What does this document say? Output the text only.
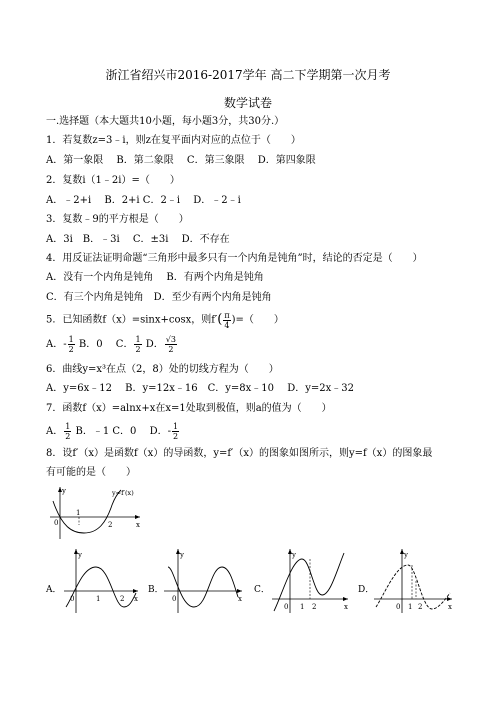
浙江省绍兴市2016-2017学年 高二下学期第一次月考
数学试卷
一.选择题（本大题共10小题，每小题3分，共30分.）
1．若复数z=3﹣i，则z在复平面内对应的点位于（　　）
A．第一象限　 B．第二象限　 C．第三象限　 D．第四象限
2．复数i（1﹣2i）=（　　）
A．﹣2+i　 B．2+i C．2﹣i　 D．﹣2﹣i
3．复数﹣9的平方根是（　　）
A．3i　B．﹣3i　 C．±3i　 D．不存在
4．用反证法证明命题“三角形中最多只有一个内角是钝角”时，结论的否定是（　　）
A．没有一个内角是钝角　 B．有两个内角是钝角
C．有三个内角是钝角　D．至少有两个内角是钝角
5．已知函数f（x）=sinx+cosx，则$f'( \frac{\pi}{4}$ )=（　　）
A．- $\frac{1}{2}$ B．0　 C． $\frac{1}{2}$ D． $\frac{√3}{2}$
6．曲线y=x³在点（2，8）处的切线方程为（　　）
A．y=6x﹣12　 B．y=12x﹣16　C．y=8x﹣10　 D．y=2x﹣32
7．函数f（x）=alnx+x在x=1处取到极值，则a的值为（　　）
A． $\frac{1}{2}$ B．﹣1 C．0　 D．- $\frac{1}{2}$
8．设f′（x）是函数f（x）的导函数，y=f′（x）的图象如图所示，则y=f（x）的图象最
有可能的是（　　）
y
x
0
1
2
y=f′(x)
A．
y
x
0	1	2
B．
y
x
0
C．
y
x
0 1 2
D．
y
x
0 1 2
